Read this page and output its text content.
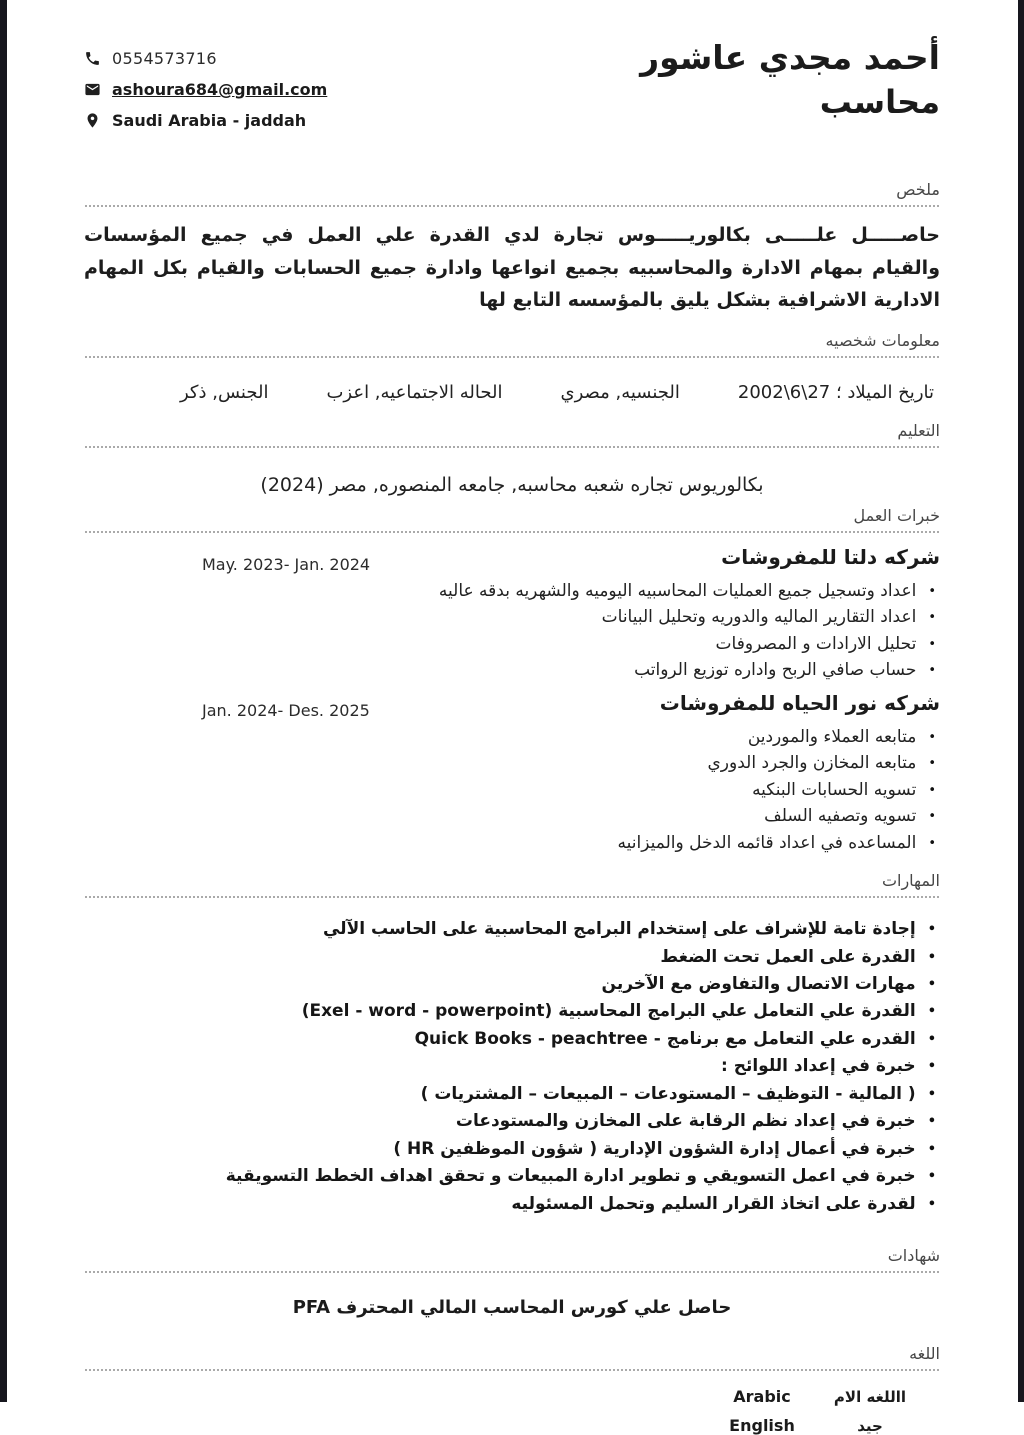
أحمد مجدي عاشور
محاسب
0554573716
ashoura684@gmail.com
Saudi Arabia - jaddah
ملخص

حاصـــــل علـــــى بكالوريـــــوس تجارة لدي القدرة علي العمل في جميع المؤسسات والقيام بمهام الادارة والمحاسبيه بجميع انواعها وادارة جميع الحسابات والقيام بكل المهام الادارية الاشرافية بشكل يليق بالمؤسسه التابع لها

معلومات شخصيه
تاريخ الميلاد ؛ 27\6\2002
الجنسيه, مصري
الحاله الاجتماعيه, اعزب
الجنس, ذكر
التعليم

بكالوريوس تجاره شعبه محاسبه, جامعه المنصوره, مصر (2024)

خبرات العمل
شركه دلتا للمفروشات
May. 2023- Jan. 2024
•
اعداد وتسجيل جميع العمليات المحاسبيه اليوميه والشهريه بدقه عاليه
•
اعداد التقارير الماليه والدوريه وتحليل البيانات
•
تحليل الارادات و المصروفات
•
حساب صافي الربح واداره توزيع الرواتب
شركه نور الحياه للمفروشات
Jan. 2024- Des. 2025
•
متابعه العملاء والموردين
•
متابعه المخازن والجرد الدوري
•
تسويه الحسابات البنكيه
•
تسويه وتصفيه السلف
•
المساعده في اعداد قائمه الدخل والميزانيه
المهارات
•
إجادة تامة للإشراف على إستخدام البرامج المحاسبية على الحاسب الآلي
•
القدرة على العمل تحت الضغط
•
مهارات الاتصال والتفاوض مع الآخرين
•
القدرة علي التعامل علي البرامج المحاسبية (Exel - word - powerpoint)
•
القدره علي التعامل مع برنامج - Quick Books - peachtree
•
خبرة في إعداد اللوائح :
•
( المالية - التوظيف – المستودعات – المبيعات – المشتريات )
•
خبرة في إعداد نظم الرقابة على المخازن والمستودعات
•
خبرة في أعمال إدارة الشؤون الإدارية ( شؤون الموظفين HR )
•
خبرة في اعمل التسويقي و تطوير ادارة المبيعات و تحقق اهداف الخطط التسويقية
•
لقدرة على اتخاذ القرار السليم وتحمل المسئوليه
شهادات

حاصل علي كورس المحاسب المالي المحترف PFA

اللغه
االلغه الام
Arabic
جيد
English
